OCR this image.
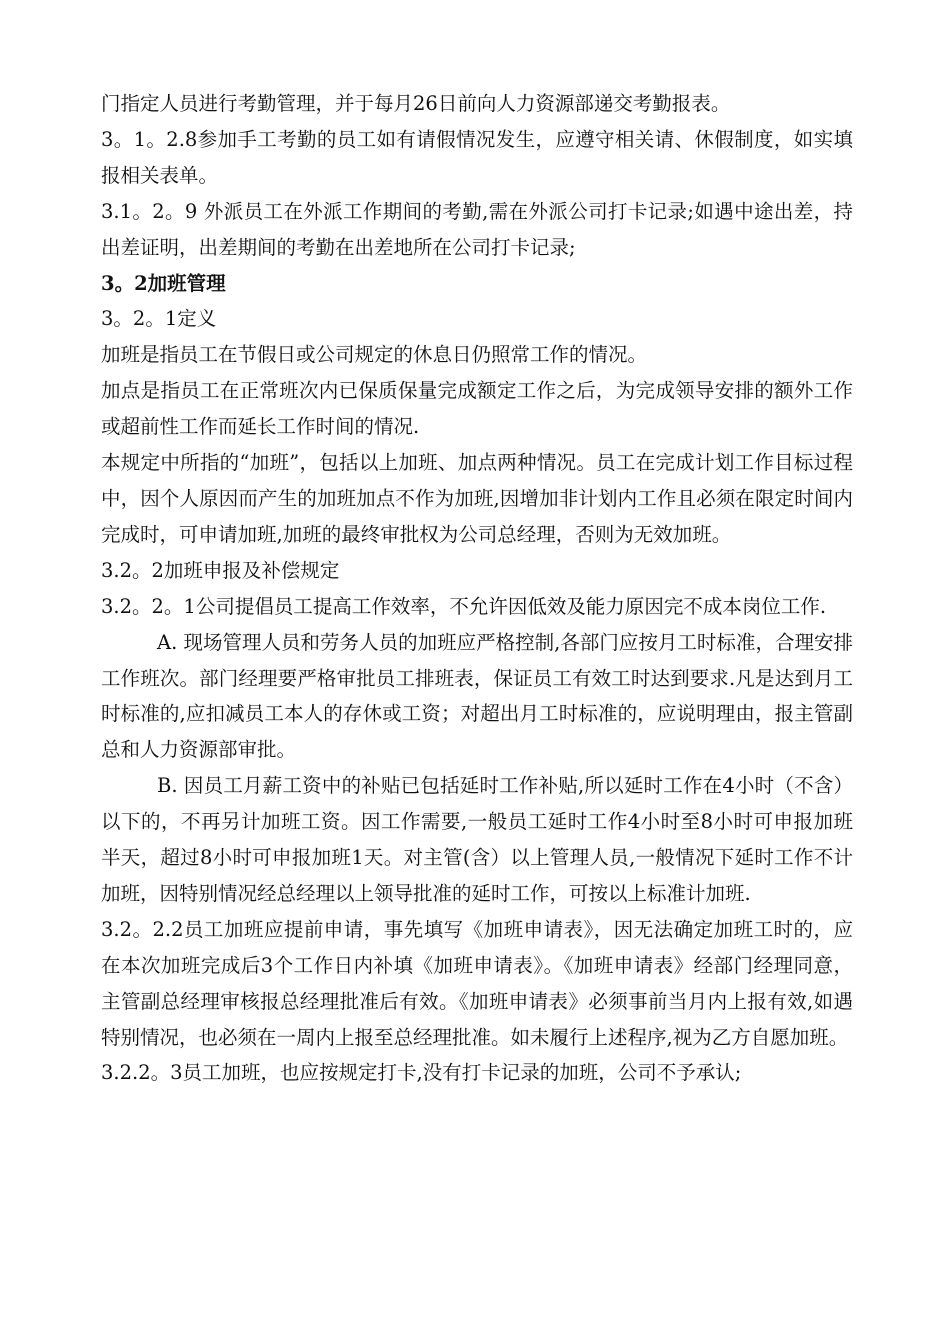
门指定人员进行考勤管理，并于每月26日前向人力资源部递交考勤报表。

3。1。2.8参加手工考勤的员工如有请假情况发生，应遵守相关请、休假制度，如实填报相关表单。

3.1。2。9 外派员工在外派工作期间的考勤,需在外派公司打卡记录;如遇中途出差，持出差证明，出差期间的考勤在出差地所在公司打卡记录;

3。2加班管理

3。2。1定义

加班是指员工在节假日或公司规定的休息日仍照常工作的情况。

加点是指员工在正常班次内已保质保量完成额定工作之后，为完成领导安排的额外工作或超前性工作而延长工作时间的情况.

本规定中所指的“加班”，包括以上加班、加点两种情况。员工在完成计划工作目标过程中，因个人原因而产生的加班加点不作为加班,因增加非计划内工作且必须在限定时间内完成时，可申请加班,加班的最终审批权为公司总经理，否则为无效加班。

3.2。2加班申报及补偿规定

3.2。2。1公司提倡员工提高工作效率，不允许因低效及能力原因完不成本岗位工作.

A. 现场管理人员和劳务人员的加班应严格控制,各部门应按月工时标准，合理安排工作班次。部门经理要严格审批员工排班表，保证员工有效工时达到要求.凡是达到月工时标准的,应扣减员工本人的存休或工资；对超出月工时标准的，应说明理由，报主管副总和人力资源部审批。

B. 因员工月薪工资中的补贴已包括延时工作补贴,所以延时工作在4小时（不含）以下的，不再另计加班工资。因工作需要,一般员工延时工作4小时至8小时可申报加班半天，超过8小时可申报加班1天。对主管(含）以上管理人员,一般情况下延时工作不计加班，因特别情况经总经理以上领导批准的延时工作，可按以上标准计加班.

3.2。2.2员工加班应提前申请，事先填写《加班申请表》，因无法确定加班工时的，应在本次加班完成后3个工作日内补填《加班申请表》。《加班申请表》经部门经理同意，主管副总经理审核报总经理批准后有效。《加班申请表》必须事前当月内上报有效,如遇特别情况，也必须在一周内上报至总经理批准。如未履行上述程序,视为乙方自愿加班。

3.2.2。3员工加班，也应按规定打卡,没有打卡记录的加班，公司不予承认;
